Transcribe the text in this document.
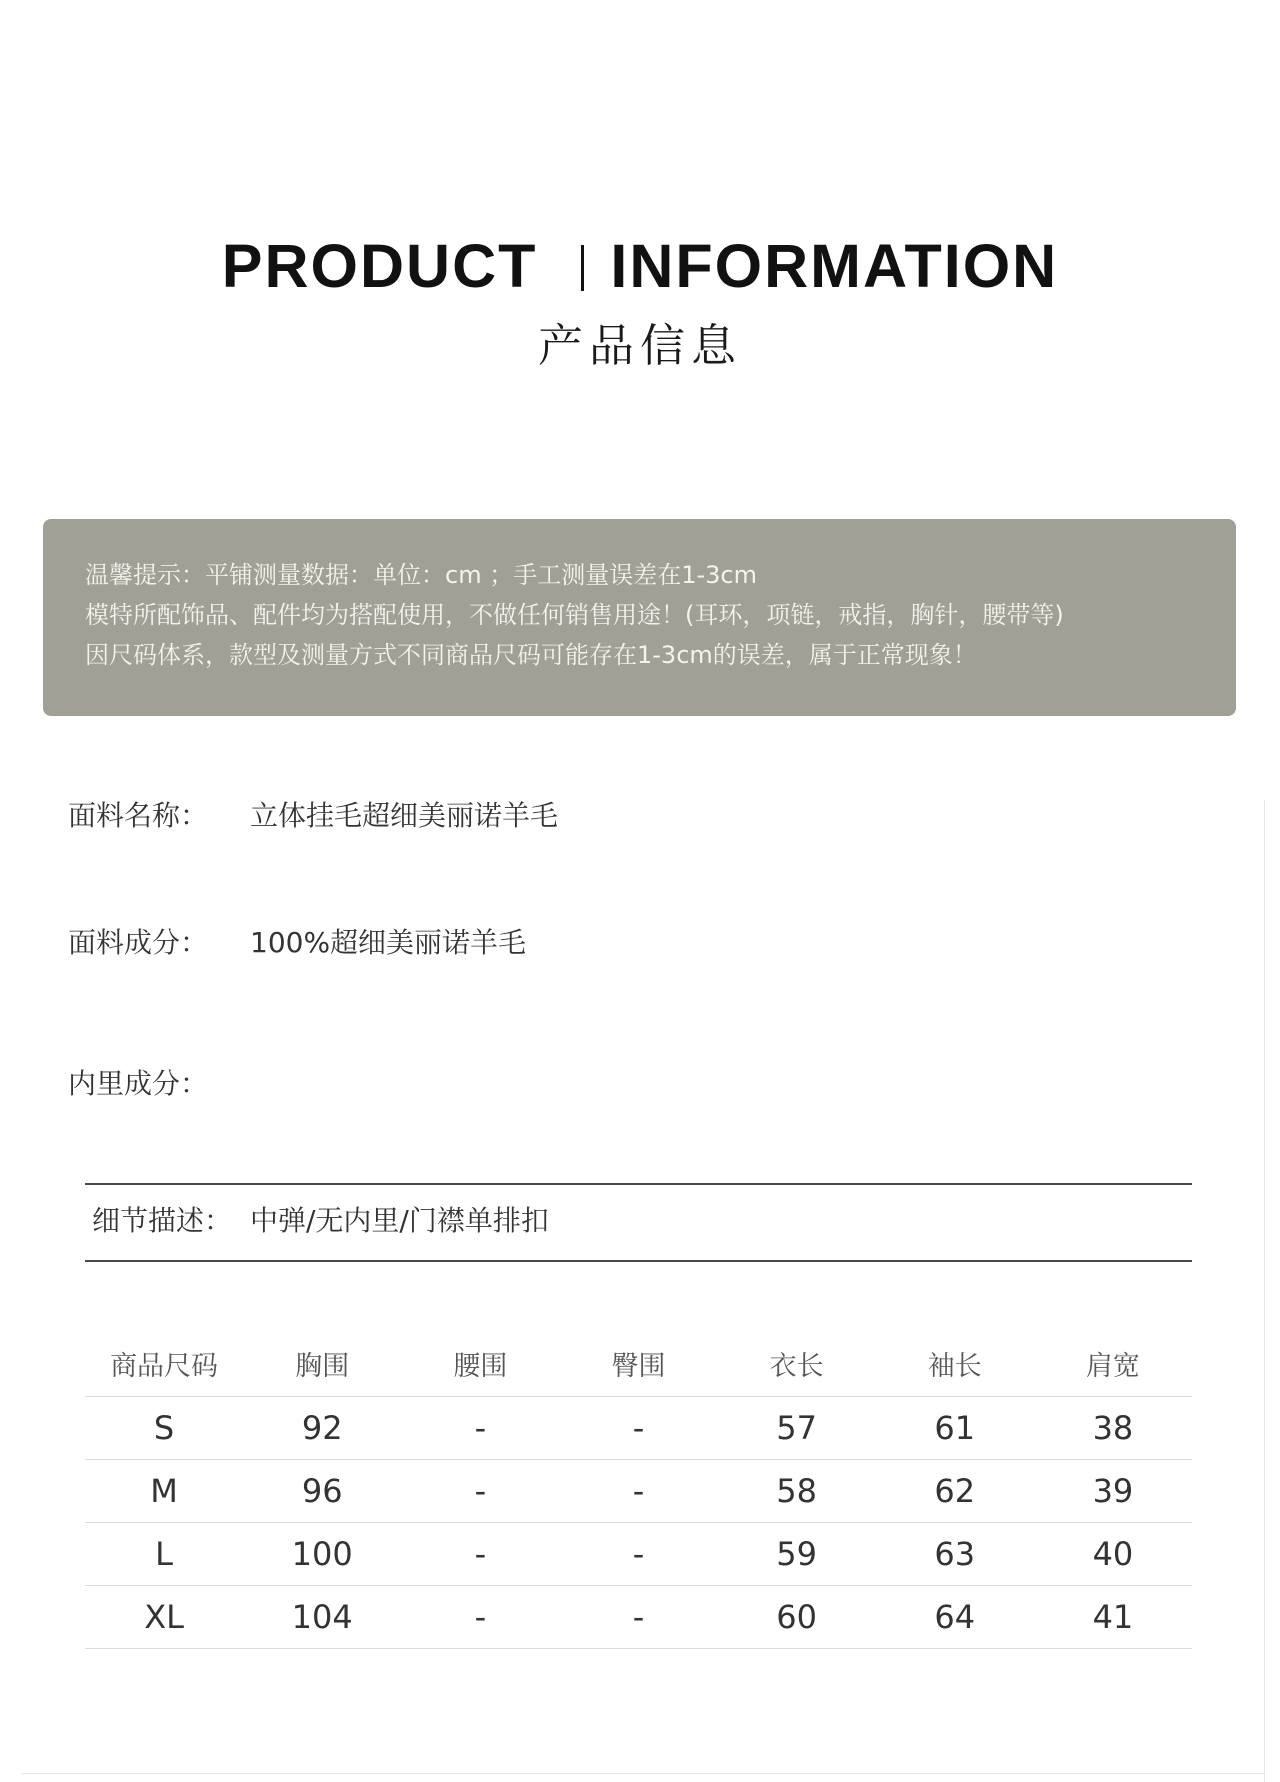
PRODUCT INFORMATION
产品信息
温馨提示：平铺测量数据：单位：cm ；手工测量误差在1-3cm
模特所配饰品、配件均为搭配使用，不做任何销售用途！(耳环，项链，戒指，胸针，腰带等)
因尺码体系，款型及测量方式不同商品尺码可能存在1-3cm的误差，属于正常现象！
面料名称： 立体挂毛超细美丽诺羊毛
面料成分： 100%超细美丽诺羊毛
内里成分：
细节描述： 中弹/无内里/门襟单排扣
商品尺码	胸围	腰围	臀围	衣长	袖长	肩宽
S	92	-	-	57	61	38
M	96	-	-	58	62	39
L	100	-	-	59	63	40
XL	104	-	-	60	64	41
